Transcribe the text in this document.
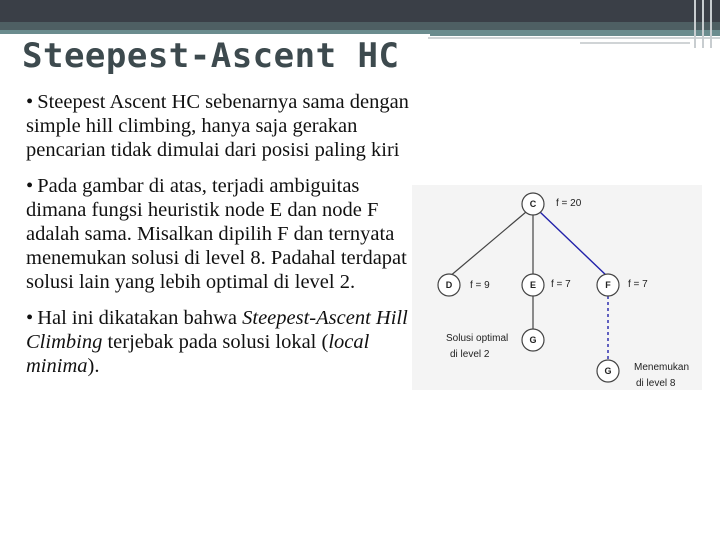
Steepest-Ascent HC
• Steepest Ascent HC sebenarnya sama dengan simple hill climbing, hanya saja gerakan pencarian tidak dimulai dari posisi paling kiri
• Pada gambar di atas, terjadi ambiguitas dimana fungsi heuristik node E dan node F adalah sama. Misalkan dipilih F dan ternyata menemukan solusi di level 8. Padahal terdapat solusi lain yang lebih optimal di level 2.
• Hal ini dikatakan bahwa Steepest-Ascent Hill Climbing terjebak pada solusi lokal (local minima).
C f = 20
D f = 9	E f = 7	F f = 7
G
G
Solusi optimal
di level 2
Menemukan
di level 8
